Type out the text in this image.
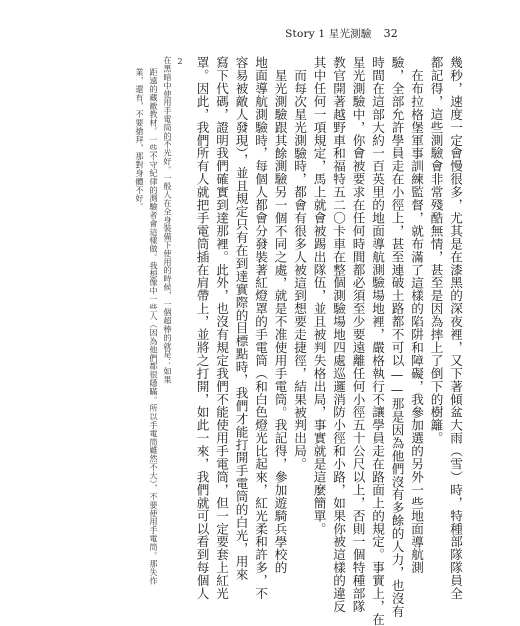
Story 1 星光測驗 32
幾秒，速度一定會慢很多，尤其是在漆黑的深夜裡，又下著傾盆大雨（雪）時，特種部隊隊員全
都記得，這些測驗會非常殘酷無情，甚至是因為摔上了倒下的樹籬。
在布拉格堡軍事訓練監督，就布滿了這樣的陷阱和障礙，我參加選的另外一些地面導航測
驗，全部允許學員走在小徑上，甚至連破土路都不可以——那是因為他們沒有多餘的人力，也沒有
時間在這部大約一百英里的地面導航測驗場地裡，嚴格執行不讓學員走在路面上的規定。事實上，在
星光測驗中，你會被要求在任何時間都必須至少要遠離任何小徑五十公尺以上，否則一個特種部隊
教官開著越野車和福特五二〇卡車在整個測驗場地四處巡邏消防小徑和小路，如果你被這樣的違反
其中任何一項規定，馬上就會被踢出隊伍，並且被判失格出局，事實就是這麼簡單。
而每次星光測驗時，都會有很多人被這到想要走捷徑，結果被判出局。
星光測驗跟其餘測驗另一個不同之處，就是不准使用手電筒。我記得，參加遊騎兵學校的
地面導航測驗時，每個人都會分發裝著紅燈罩的手電筒（和白色燈光比起來，紅光柔和許多，不
容易被敵人發現），並且規定只有在到達實際的目標點時，我們才能打開手電筒的白光，用來
寫下代碼，證明我們確實到達那裡。此外，也沒有規定我們不能使用手電筒，但一定要套上紅光
罩。因此，我們所有人就把手電筒插在肩帶上，並將之打開，如此一來，我們就可以看到每個人
2
在黑暗中使用手電筒的不光好。一般人在全身裝備下使用的時候，一個超棒的就是：如果
距遠的藏敵教材。一些不守紀律的測驗者會這樣做。我想像中一些人（因為他們都很隱瞞。所以手電筒雖然不大），不要使用手電筒。那失作
業，還有，不要搶拜，那對身體不好。
